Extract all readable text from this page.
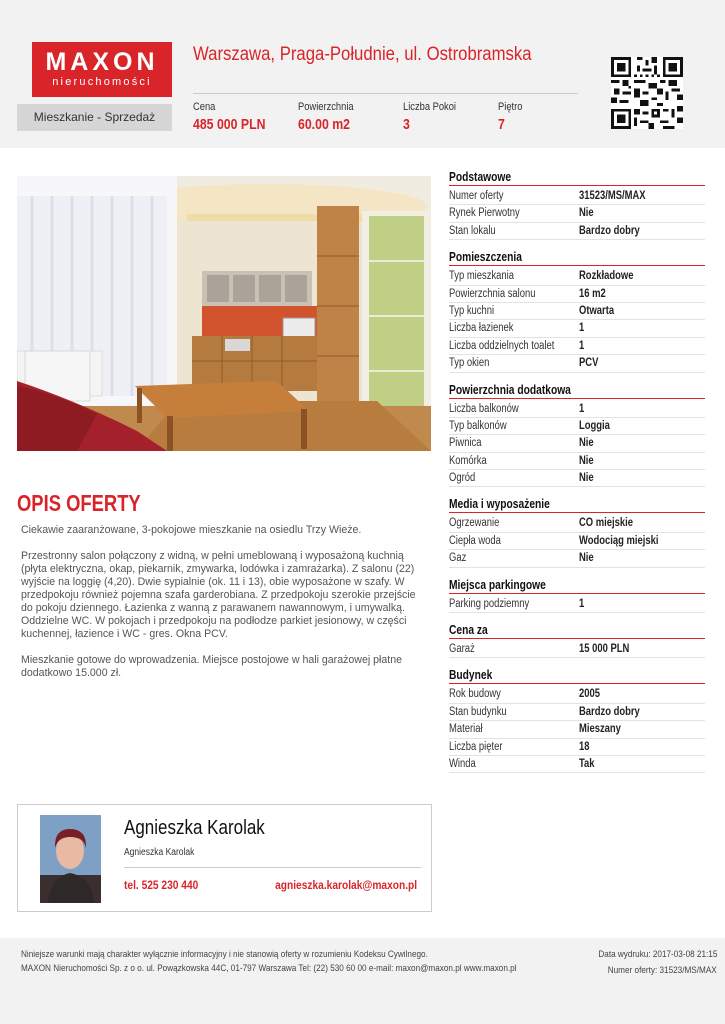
MAXON
nieruchomości
Warszawa, Praga-Południe, ul. Ostrobramska
Mieszkanie - Sprzedaż
Cena
485 000 PLN
Powierzchnia
60.00 m2
Liczba Pokoi
3
Piętro
7
OPIS OFERTY

Ciekawie zaaranżowane, 3-pokojowe mieszkanie na osiedlu Trzy Wieże.

Przestronny salon połączony z widną, w pełni umeblowaną i wyposażoną kuchnią (płyta elektryczna, okap, piekarnik, zmywarka, lodówka i zamrażarka). Z salonu (22) wyjście na loggię (4,20). Dwie sypialnie (ok. 11 i 13), obie wyposażone w szafy. W przedpokoju również pojemna szafa garderobiana. Z przedpokoju szerokie przejście do pokoju dziennego. Łazienka z wanną z parawanem nawannowym, i umywalką. Oddzielne WC. W pokojach i przedpokoju na podłodze parkiet jesionowy, w części kuchennej, łazience i WC - gres. Okna PCV.

Mieszkanie gotowe do wprowadzenia. Miejsce postojowe w hali garażowej płatne dodatkowo 15.000 zł.

Podstawowe
Numer oferty	31523/MS/MAX
Rynek Pierwotny	Nie
Stan lokalu	Bardzo dobry
Pomieszczenia
Typ mieszkania	Rozkładowe
Powierzchnia salonu	16 m2
Typ kuchni	Otwarta
Liczba łazienek	1
Liczba oddzielnych toalet 1
Typ okien	PCV
Powierzchnia dodatkowa
Liczba balkonów	1
Typ balkonów	Loggia
Piwnica	Nie
Komórka	Nie
Ogród	Nie
Media i wyposażenie
Ogrzewanie	CO miejskie
Ciepła woda	Wodociąg miejski
Gaz	Nie
Miejsca parkingowe
Parking podziemny	1
Cena za
Garaż	15 000 PLN
Budynek
Rok budowy	2005
Stan budynku	Bardzo dobry
Materiał	Mieszany
Liczba pięter	18
Winda	Tak
Agnieszka Karolak
Agnieszka Karolak
tel. 525 230 440	agnieszka.karolak@maxon.pl
Niniejsze warunki mają charakter wyłącznie informacyjny i nie stanowią oferty w rozumieniu Kodeksu Cywilnego.
MAXON Nieruchomości Sp. z o o. ul. Powązkowska 44C, 01-797 Warszawa Tel: (22) 530 60 00 e-mail: maxon@maxon.pl www.maxon.pl
Data wydruku: 2017-03-08 21:15
Numer oferty: 31523/MS/MAX
